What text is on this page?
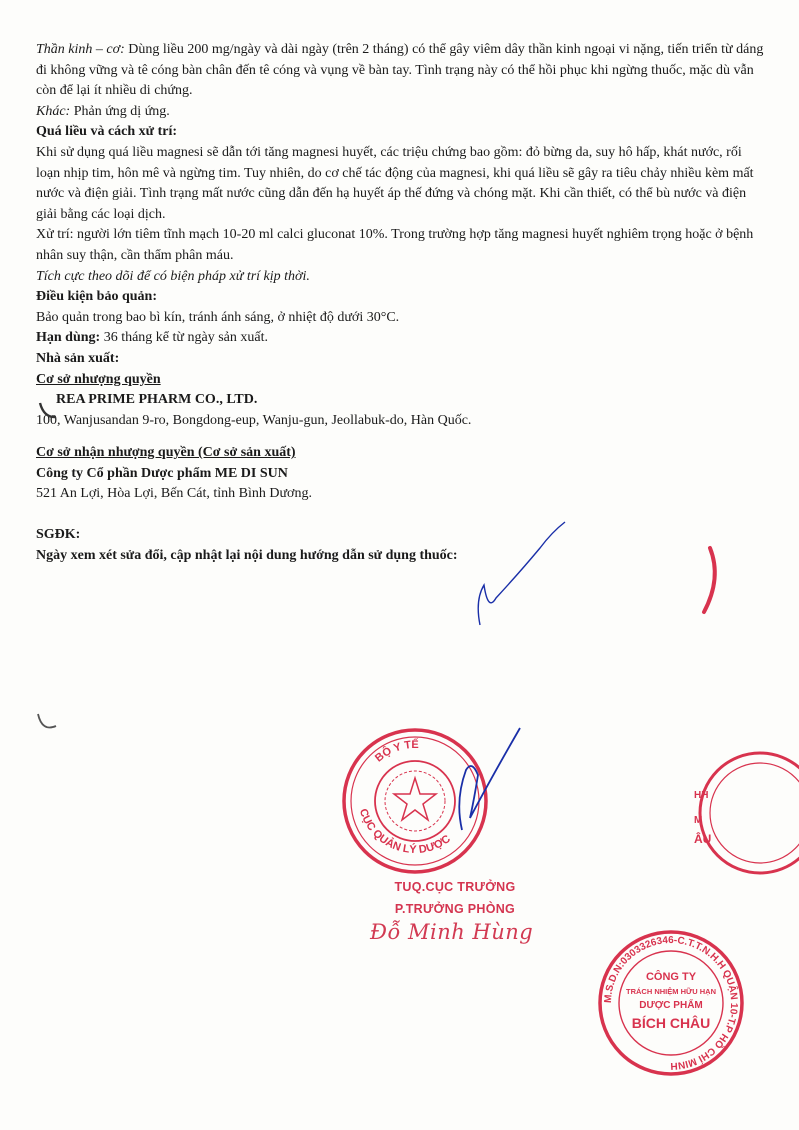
Thần kinh – cơ: Dùng liều 200 mg/ngày và dài ngày (trên 2 tháng) có thể gây viêm dây thần kinh ngoại vi nặng, tiến triển từ dáng đi không vững và tê cóng bàn chân đến tê cóng và vụng về bàn tay. Tình trạng này có thể hồi phục khi ngừng thuốc, mặc dù vẫn còn để lại ít nhiều di chứng.

Khác: Phản ứng dị ứng.

Quá liều và cách xử trí:

Khi sử dụng quá liều magnesi sẽ dẫn tới tăng magnesi huyết, các triệu chứng bao gồm: đỏ bừng da, suy hô hấp, khát nước, rối loạn nhịp tim, hôn mê và ngừng tim. Tuy nhiên, do cơ chế tác động của magnesi, khi quá liều sẽ gây ra tiêu chảy nhiều kèm mất nước và điện giải. Tình trạng mất nước cũng dẫn đến hạ huyết áp thế đứng và chóng mặt. Khi cần thiết, có thể bù nước và điện giải bằng các loại dịch.

Xử trí: người lớn tiêm tĩnh mạch 10-20 ml calci gluconat 10%. Trong trường hợp tăng magnesi huyết nghiêm trọng hoặc ở bệnh nhân suy thận, cần thẩm phân máu.

Tích cực theo dõi để có biện pháp xử trí kịp thời.

Điều kiện bảo quản:

Bảo quản trong bao bì kín, tránh ánh sáng, ở nhiệt độ dưới 30°C.

Hạn dùng: 36 tháng kể từ ngày sản xuất.

Nhà sản xuất:

Cơ sở nhượng quyền

REA PRIME PHARM CO., LTD.

100, Wanjusandan 9-ro, Bongdong-eup, Wanju-gun, Jeollabuk-do, Hàn Quốc.

Cơ sở nhận nhượng quyền (Cơ sở sản xuất)

Công ty Cổ phần Dược phẩm ME DI SUN

521 An Lợi, Hòa Lợi, Bến Cát, tỉnh Bình Dương.

SGĐK:

Ngày xem xét sửa đổi, cập nhật lại nội dung hướng dẫn sử dụng thuốc:

BỘ Y TẾ
CỤC QUẢN LÝ DƯỢC
TUQ.CỤC TRƯỞNG
P.TRƯỞNG PHÒNG
Đỗ Minh Hùng
HH
M
ÂU
M.S.D.N:0303326346-C.T.T.N.H.H QUẬN 10-T.P HỒ CHÍ MINH
CÔNG TY
TRÁCH NHIỆM HỮU HẠN
DƯỢC PHẨM
BÍCH CHÂU
